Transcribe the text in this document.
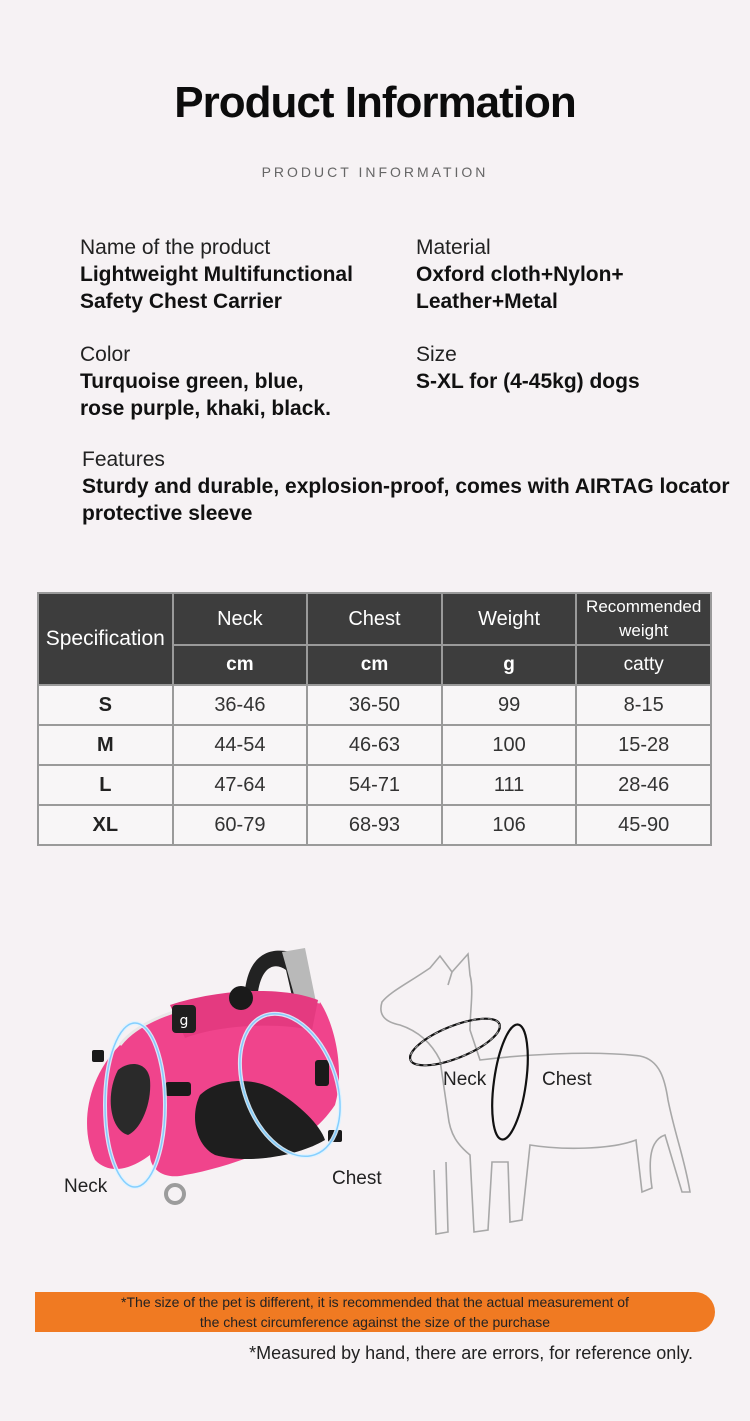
Product Information
PRODUCT INFORMATION
Name of the product
Lightweight Multifunctional
Safety Chest Carrier
Material
Oxford cloth+Nylon+
Leather+Metal
Color
Turquoise green, blue,
rose purple, khaki, black.
Size
S-XL for (4-45kg) dogs
Features
Sturdy and durable, explosion-proof, comes with AIRTAG locator
protective sleeve
Specification	Neck	Chest	Weight	Recommended weight
	cm	cm	g	catty
S	36-46	36-50	99	8-15
M	44-54	46-63	100	15-28
L	47-64	54-71	111	28-46
XL	60-79	68-93	106	45-90
g
Neck	Chest
Neck	Chest
*The size of the pet is different, it is recommended that the actual measurement of
the chest circumference against the size of the purchase
*Measured by hand, there are errors, for reference only.
